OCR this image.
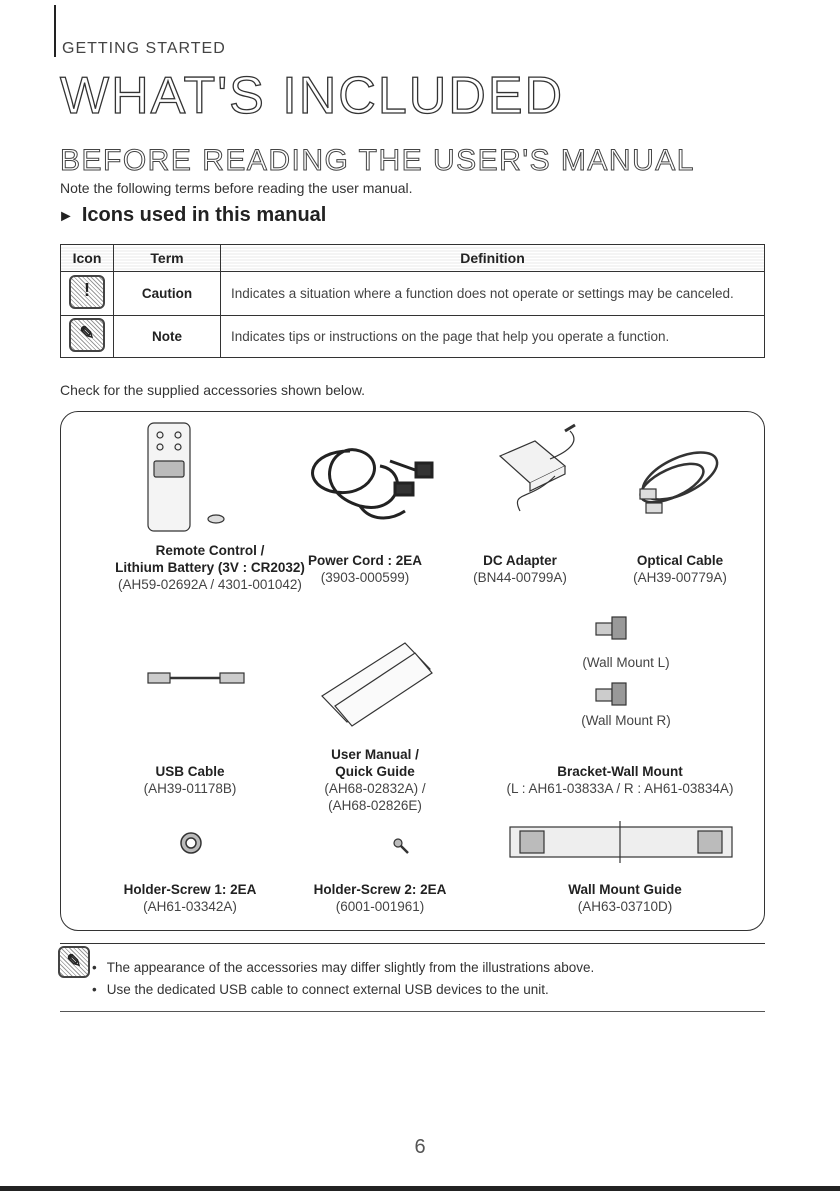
GETTING STARTED
WHAT'S INCLUDED
BEFORE READING THE USER'S MANUAL
Note the following terms before reading the user manual.
► Icons used in this manual
Icon	Term	Definition

!	Caution	Indicates a situation where a function does not operate or settings may be canceled.

✎	Note	Indicates tips or instructions on the page that help you operate a function.
Check for the supplied accessories shown below.
Remote Control /
Lithium Battery (3V : CR2032)
(AH59-02692A / 4301-001042)
Power Cord : 2EA
(3903-000599)
DC Adapter
(BN44-00799A)
Optical Cable
(AH39-00779A)
(Wall Mount L)
(Wall Mount R)
USB Cable
(AH39-01178B)
User Manual /
Quick Guide
(AH68-02832A) /
(AH68-02826E)
Bracket-Wall Mount
(L : AH61-03833A / R : AH61-03834A)
Holder-Screw 1: 2EA
(AH61-03342A)
Holder-Screw 2: 2EA
(6001-001961)
Wall Mount Guide
(AH63-03710D)
✎	• The appearance of the accessories may differ slightly from the illustrations above.
• Use the dedicated USB cable to connect external USB devices to the unit.
6
